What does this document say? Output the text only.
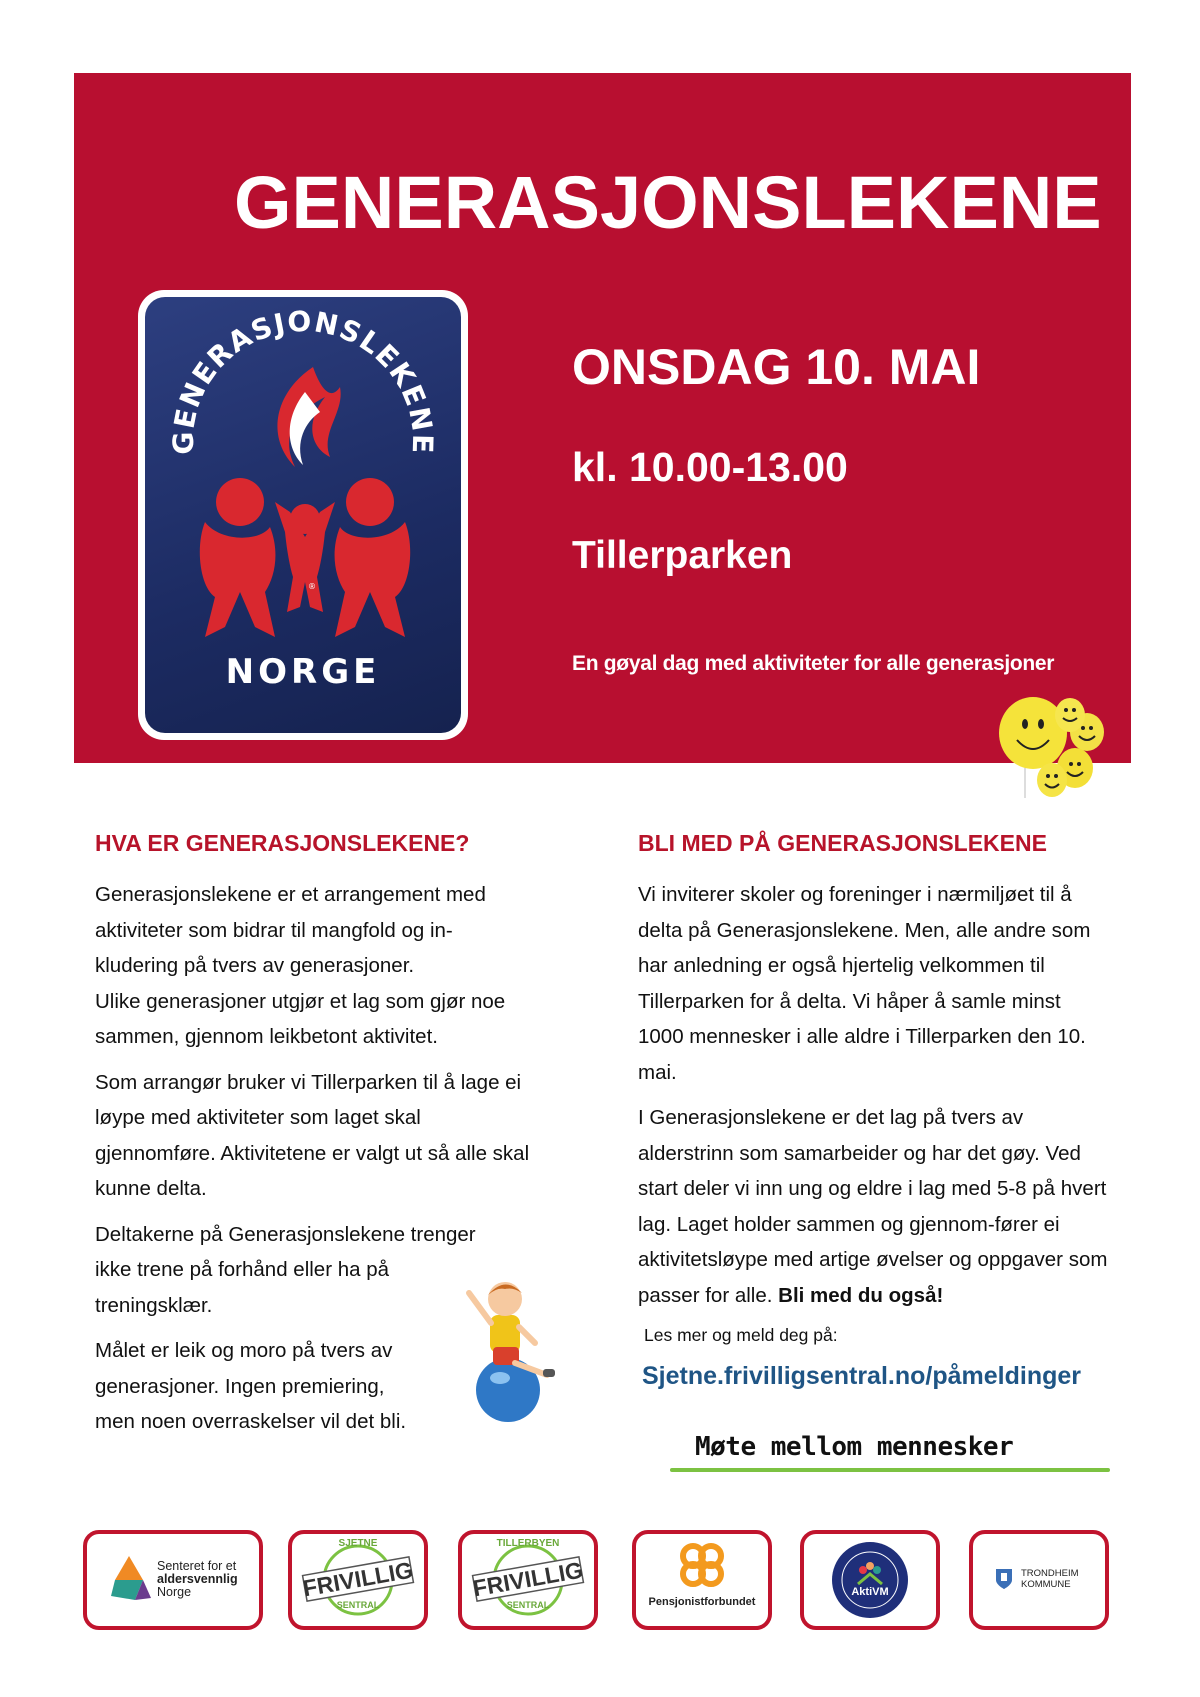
GENERASJONSLEKENE
GENERASJONSLEKENE
®
NORGE

ONSDAG 10. MAI

kl. 10.00-13.00

Tillerparken

En gøyal dag med aktiviteter for alle generasjoner

HVA ER GENERASJONSLEKENE?

Generasjonslekene er et arrangement med aktiviteter som bidrar til mangfold og in-kludering på tvers av generasjoner.

Ulike generasjoner utgjør et lag som gjør noe sammen, gjennom leikbetont aktivitet.

Som arrangør bruker vi Tillerparken til å lage ei løype med aktiviteter som laget skal gjennomføre. Aktivitetene er valgt ut så alle skal kunne delta.

Deltakerne på Generasjonslekene trenger ikke trene på forhånd eller ha på treningsklær.

Målet er leik og moro på tvers av generasjoner. Ingen premiering, men noen overraskelser vil det bli.

BLI MED PÅ GENERASJONSLEKENE

Vi inviterer skoler og foreninger i nærmiljøet til å delta på Generasjonslekene. Men, alle andre som har anledning er også hjertelig velkommen til Tillerparken for å delta. Vi håper å samle minst 1000 mennesker i alle aldre i Tillerparken den 10. mai.

I Generasjonslekene er det lag på tvers av alderstrinn som samarbeider og har det gøy. Ved start deler vi inn ung og eldre i lag med 5-8 på hvert lag. Laget holder sammen og gjennom-fører ei aktivitetsløype med artige øvelser og oppgaver som passer for alle. Bli med du også!

Les mer og meld deg på:
Sjetne.frivilligsentral.no/påmeldinger
Møte mellom mennesker
Senteret for et
aldersvennlig
Norge
SJETNE
FRIVILLIG
SENTRAL
TILLERBYEN
FRIVILLIG
SENTRAL	Pensjonistforbundet
AktiVM
TRONDHEIM
KOMMUNE
